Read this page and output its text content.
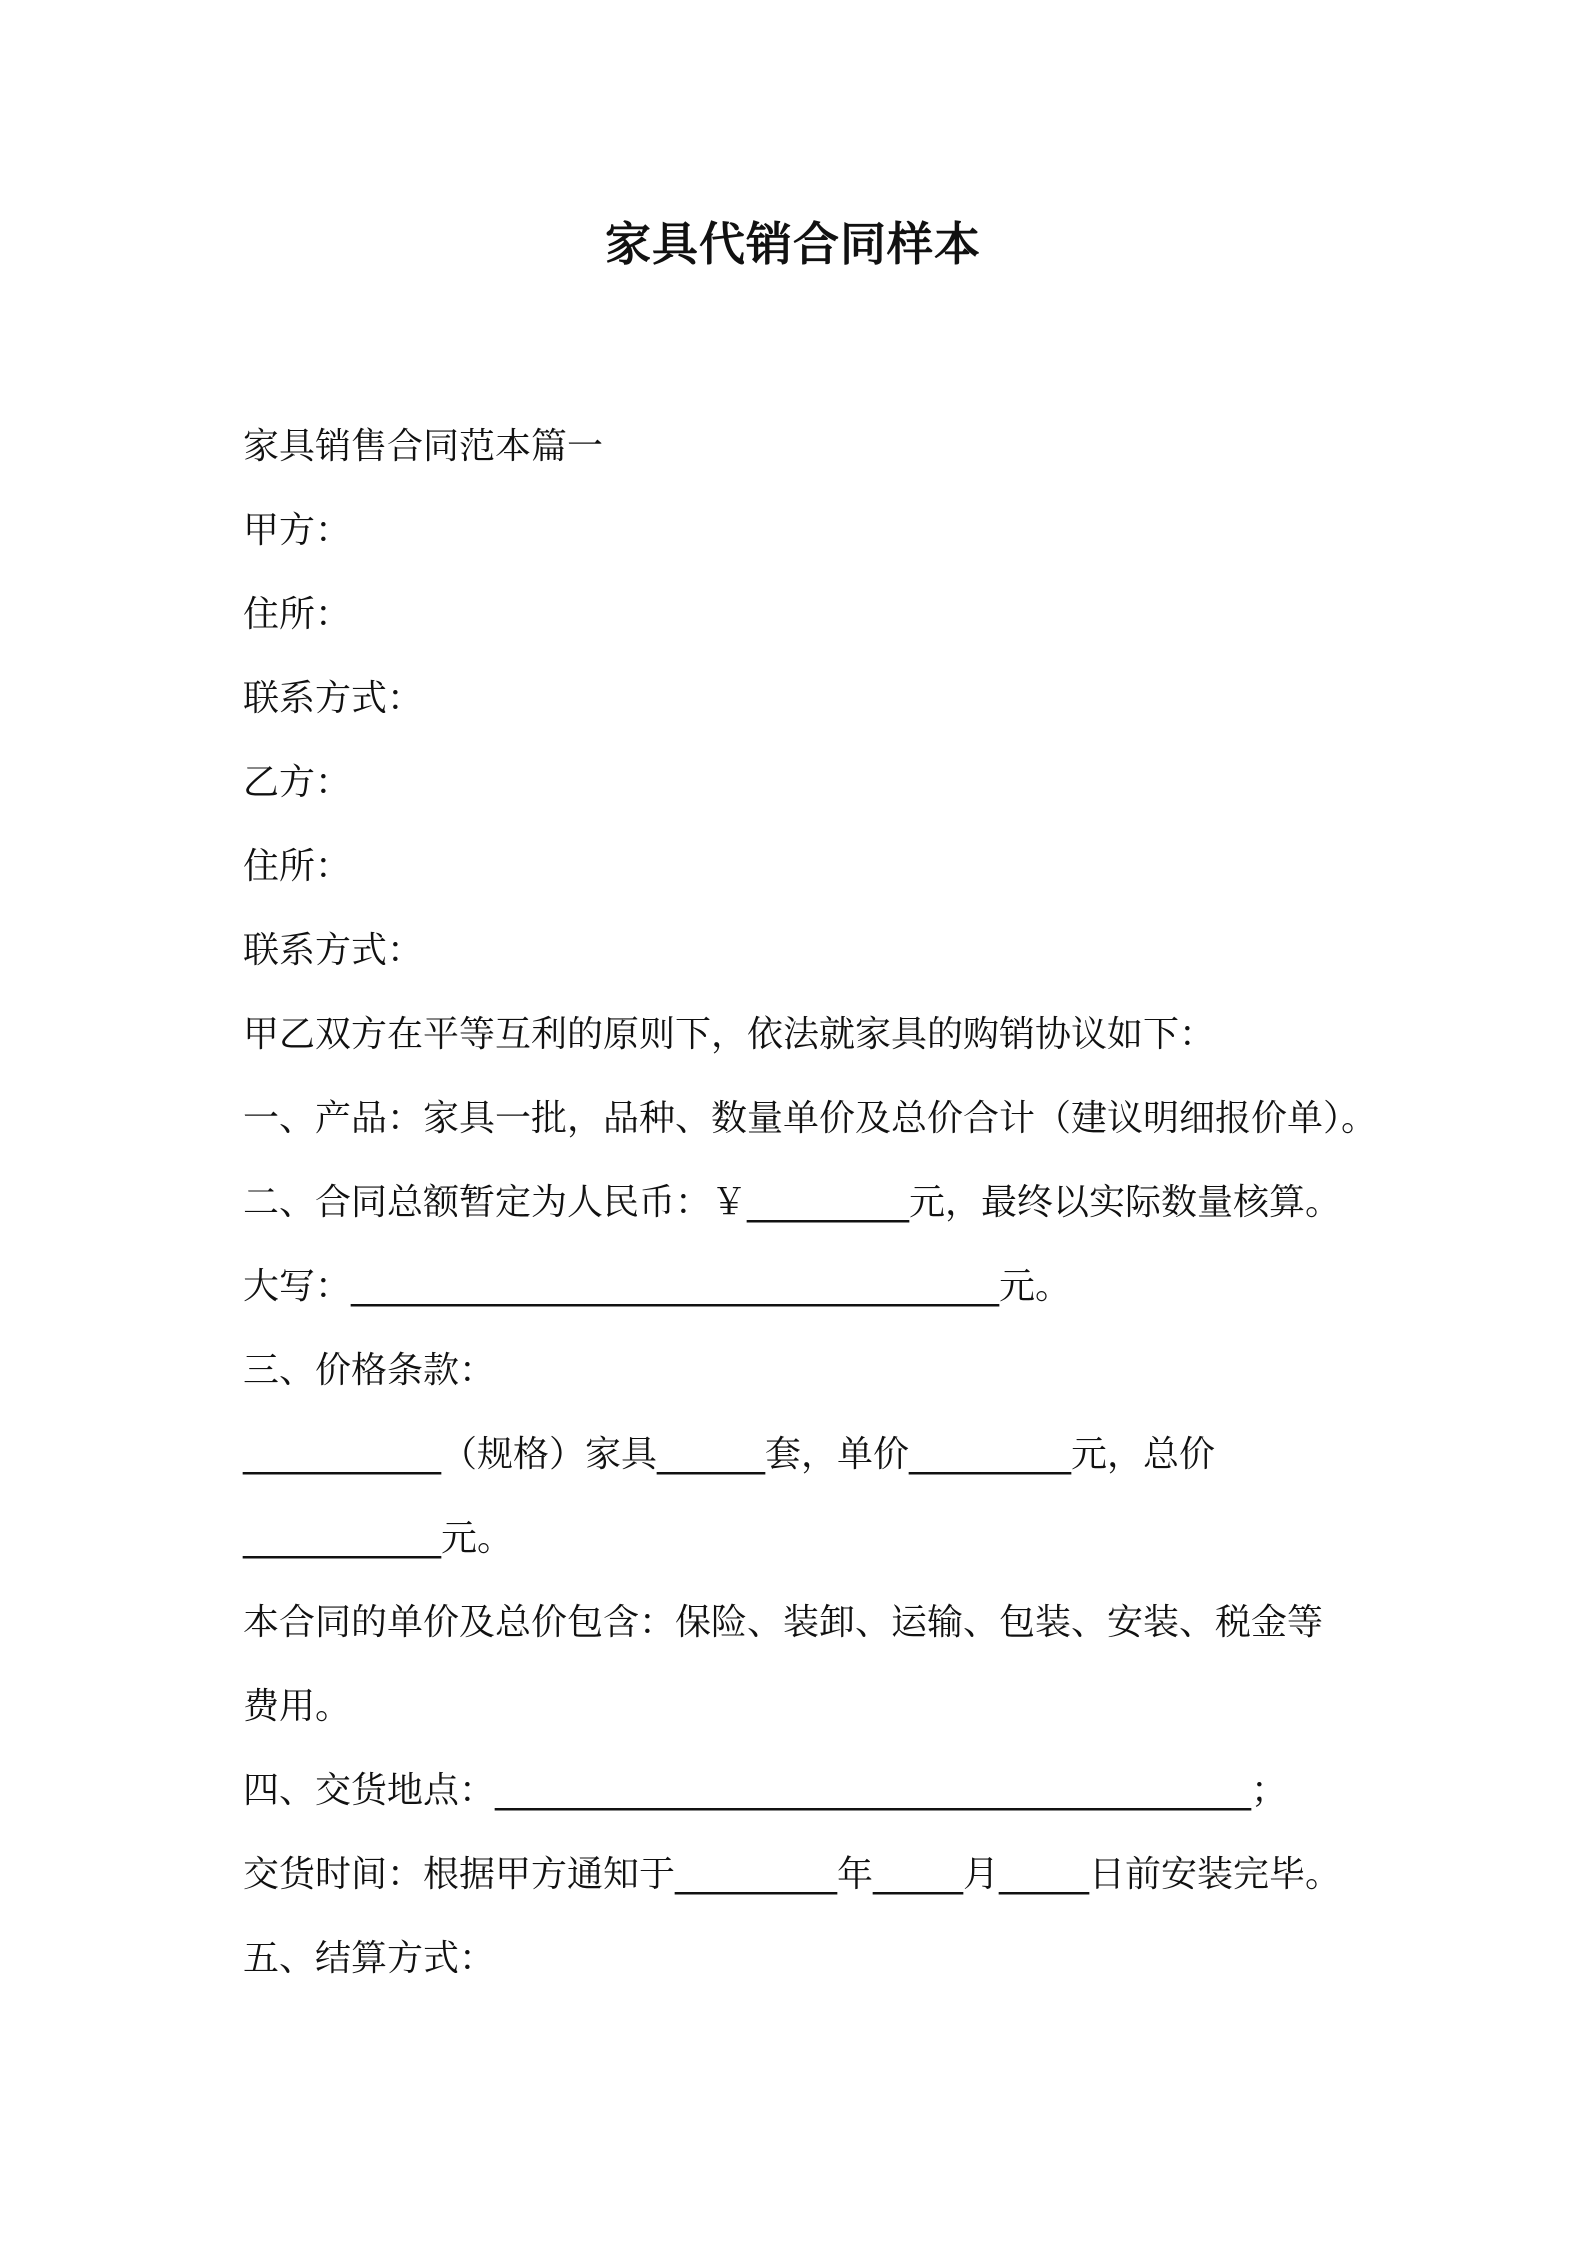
家具代销合同样本
家具销售合同范本篇一
甲方：
住所：
联系方式：
乙方：
住所：
联系方式：
甲乙双方在平等互利的原则下，依法就家具的购销协议如下：
一、产品：家具一批，品种、数量单价及总价合计（建议明细报价单）。
二、合同总额暂定为人民币：￥_________元，最终以实际数量核算。
大写：____________________________________元。
三、价格条款：
___________（规格）家具______套，单价_________元，总价
___________元。
本合同的单价及总价包含：保险、装卸、运输、包装、安装、税金等
费用。
四、交货地点：__________________________________________；
交货时间：根据甲方通知于_________年_____月_____日前安装完毕。
五、结算方式：
